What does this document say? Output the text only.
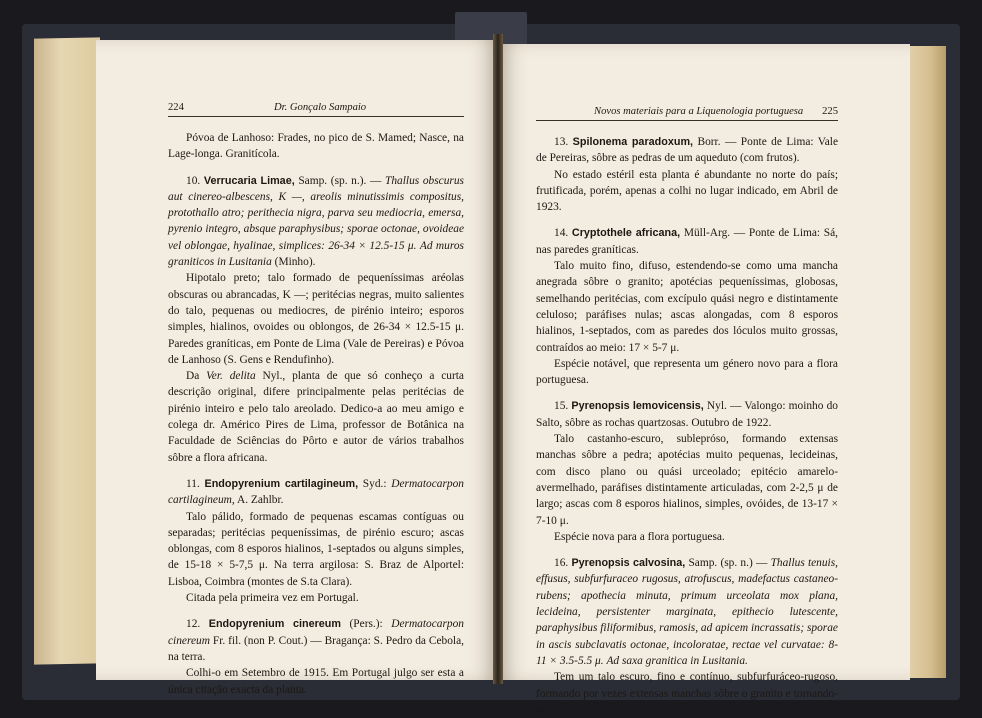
224	Dr. Gonçalo Sampaio

Póvoa de Lanhoso: Frades, no pico de S. Mamed; Nasce, na Lage-longa. Granitícola.

10. Verrucaria Limae, Samp. (sp. n.). — Thallus obscurus aut cinereo-albescens, K —, areolis minutissimis compositus, protothallo atro; perithecia nigra, parva seu mediocria, emersa, pyrenio integro, absque paraphysibus; sporae octonae, ovoideae vel oblongae, hyalinae, simplices: 26-34 × 12.5-15 μ. Ad muros graniticos in Lusitania (Minho).

Hipotalo preto; talo formado de pequeníssimas aréolas obscuras ou abrancadas, K —; peritécias negras, muito salientes do talo, pequenas ou mediocres, de pirénio inteiro; esporos simples, hialinos, ovoides ou oblongos, de 26-34 × 12.5-15 μ. Paredes graníticas, em Ponte de Lima (Vale de Pereiras) e Póvoa de Lanhoso (S. Gens e Rendufinho).

Da Ver. delita Nyl., planta de que só conheço a curta descrição original, difere principalmente pelas peritécias de pirénio inteiro e pelo talo areolado. Dedico-a ao meu amigo e colega dr. Américo Pires de Lima, professor de Botânica na Faculdade de Sciências do Pôrto e autor de vários trabalhos sôbre a flora africana.

11. Endopyrenium cartilagineum, Syd.: Dermatocarpon cartilagineum, A. Zahlbr.

Talo pálido, formado de pequenas escamas contíguas ou separadas; peritécias pequeníssimas, de pirénio escuro; ascas oblongas, com 8 esporos hialinos, 1-septados ou alguns simples, de 15-18 × 5-7,5 μ. Na terra argilosa: S. Braz de Alportel: Lisboa, Coimbra (montes de S.ta Clara).

Citada pela primeira vez em Portugal.

12. Endopyrenium cinereum (Pers.): Dermatocarpon cinereum Fr. fil. (non P. Cout.) — Bragança: S. Pedro da Cebola, na terra.

Colhi-o em Setembro de 1915. Em Portugal julgo ser esta a única citação exacta da planta.

Novos materiais para a Liquenologia portuguesa 225

13. Spilonema paradoxum, Borr. — Ponte de Lima: Vale de Pereiras, sôbre as pedras de um aqueduto (com frutos).

No estado estéril esta planta é abundante no norte do país; frutificada, porém, apenas a colhi no lugar indicado, em Abril de 1923.

14. Cryptothele africana, Müll-Arg. — Ponte de Lima: Sá, nas paredes graníticas.

Talo muito fino, difuso, estendendo-se como uma mancha anegrada sôbre o granito; apotécias pequeníssimas, globosas, semelhando peritécias, com excípulo quási negro e distintamente celuloso; paráfises nulas; ascas alongadas, com 8 esporos hialinos, 1-septados, com as paredes dos lóculos muito grossas, contraídos ao meio: 17 × 5-7 μ.

Espécie notável, que representa um género novo para a flora portuguesa.

15. Pyrenopsis lemovicensis, Nyl. — Valongo: moinho do Salto, sôbre as rochas quartzosas. Outubro de 1922.

Talo castanho-escuro, sublepróso, formando extensas manchas sôbre a pedra; apotécias muito pequenas, lecideinas, com disco plano ou quási urceolado; epitécio amarelo-avermelhado, paráfises distintamente articuladas, com 2-2,5 μ de largo; ascas com 8 esporos hialinos, simples, ovóides, de 13-17 × 7-10 μ.

Espécie nova para a flora portuguesa.

16. Pyrenopsis calvosina, Samp. (sp. n.) — Thallus tenuis, effusus, subfurfuraceo rugosus, atrofuscus, madefactus castaneo-rubens; apothecia minuta, primum urceolata mox plana, lecideina, persistenter marginata, epithecio lutescente, paraphysibus filiformibus, ramosis, ad apicem incrassatis; sporae in ascis subclavatis octonae, incoloratae, rectae vel curvatae: 8-11 × 3.5-5.5 μ. Ad saxa granitica in Lusitania.

Tem um talo escuro, fino e contínuo, subfurfuráceo-rugoso, formando por vezes extensas manchas sôbre o granito e tornando-se
